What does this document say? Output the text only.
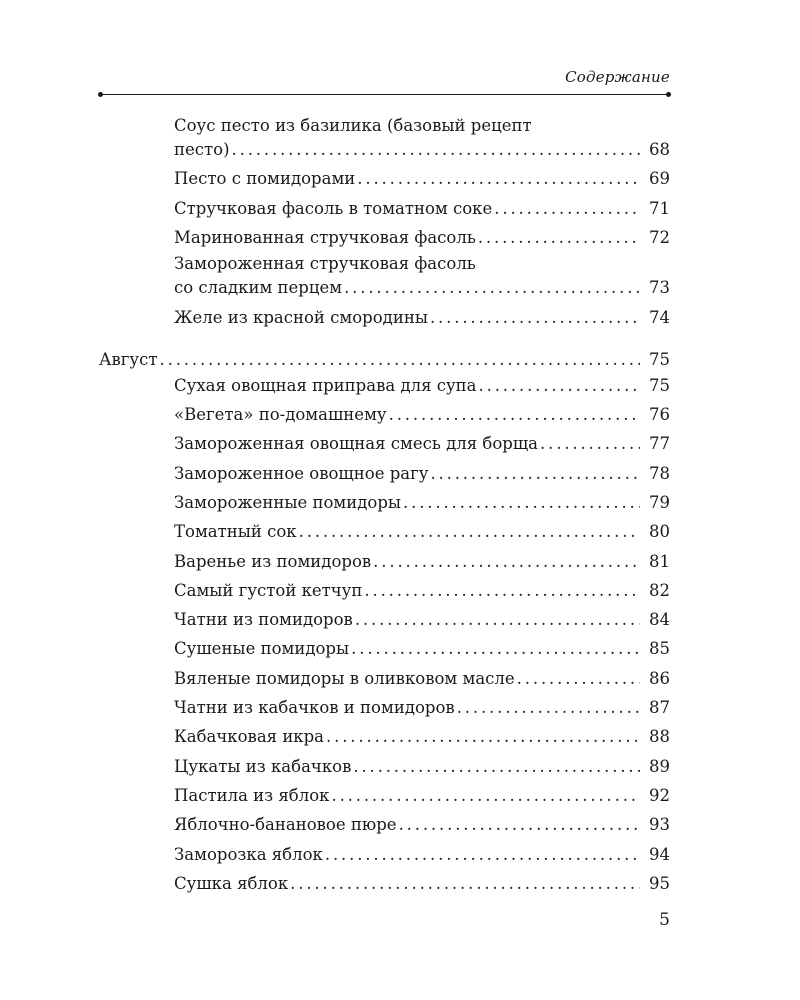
Содержание
Соус песто из базилика (базовый рецепт
песто) . . .	68
Песто с помидорами . . .	69
Стручковая фасоль в томатном соке . . .	71
Маринованная стручковая фасоль . . .	72
Замороженная стручковая фасоль
со сладким перцем . . .	73
Желе из красной смородины . . .	74
Август . . .	75
Сухая овощная приправа для супа . . .	75
«Вегета» по-домашнему . . .	76
Замороженная овощная смесь для борща . . .	77
Замороженное овощное рагу . . .	78
Замороженные помидоры . . .	79
Томатный сок . . .	80
Варенье из помидоров . . .	81
Самый густой кетчуп . . .	82
Чатни из помидоров . . .	84
Сушеные помидоры . . .	85
Вяленые помидоры в оливковом масле . . .	86
Чатни из кабачков и помидоров . . .	87
Кабачковая икра . . .	88
Цукаты из кабачков . . .	89
Пастила из яблок . . .	92
Яблочно-банановое пюре . . .	93
Заморозка яблок . . .	94
Сушка яблок . . .	95
5
